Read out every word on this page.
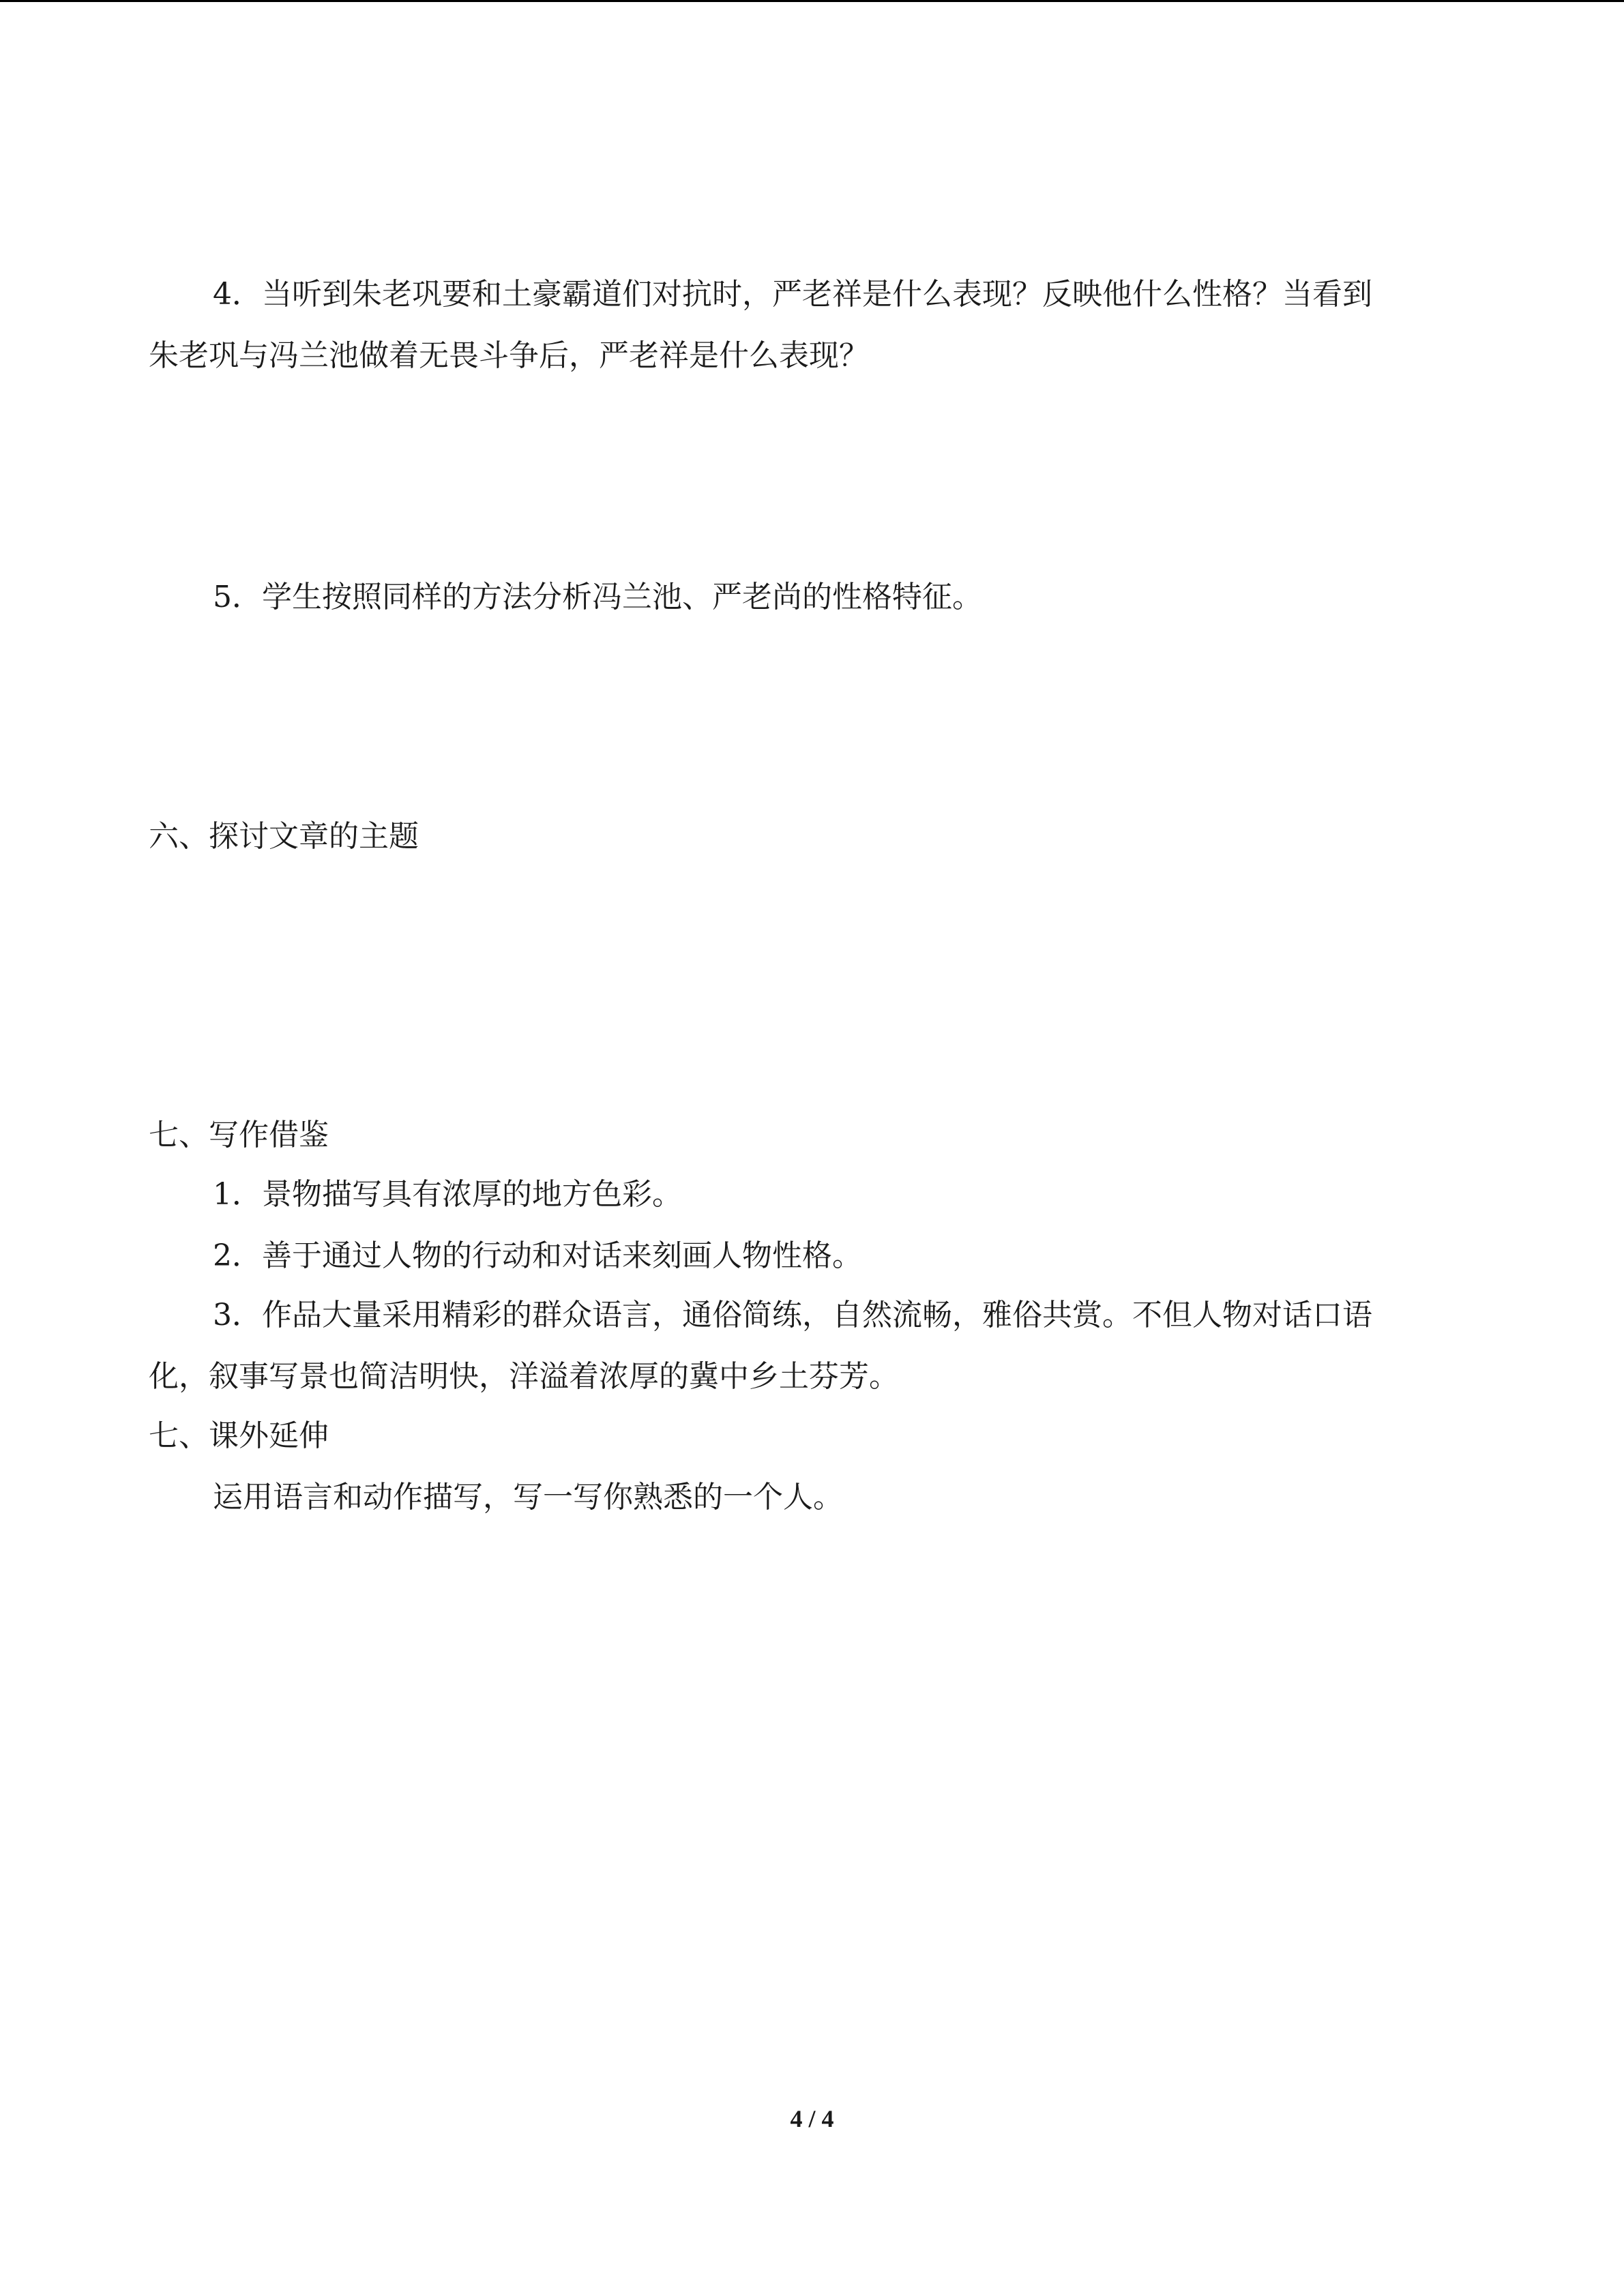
4．当听到朱老巩要和土豪霸道们对抗时，严老祥是什么表现？反映他什么性格？当看到
朱老巩与冯兰池做着无畏斗争后，严老祥是什么表现？
5．学生按照同样的方法分析冯兰池、严老尚的性格特征。
六、探讨文章的主题
七、写作借鉴
1．景物描写具有浓厚的地方色彩。
2．善于通过人物的行动和对话来刻画人物性格。
3．作品大量采用精彩的群众语言，通俗简练，自然流畅，雅俗共赏。不但人物对话口语
化，叙事写景也简洁明快，洋溢着浓厚的冀中乡土芬芳。
七、课外延伸
运用语言和动作描写，写一写你熟悉的一个人。
4 / 4
